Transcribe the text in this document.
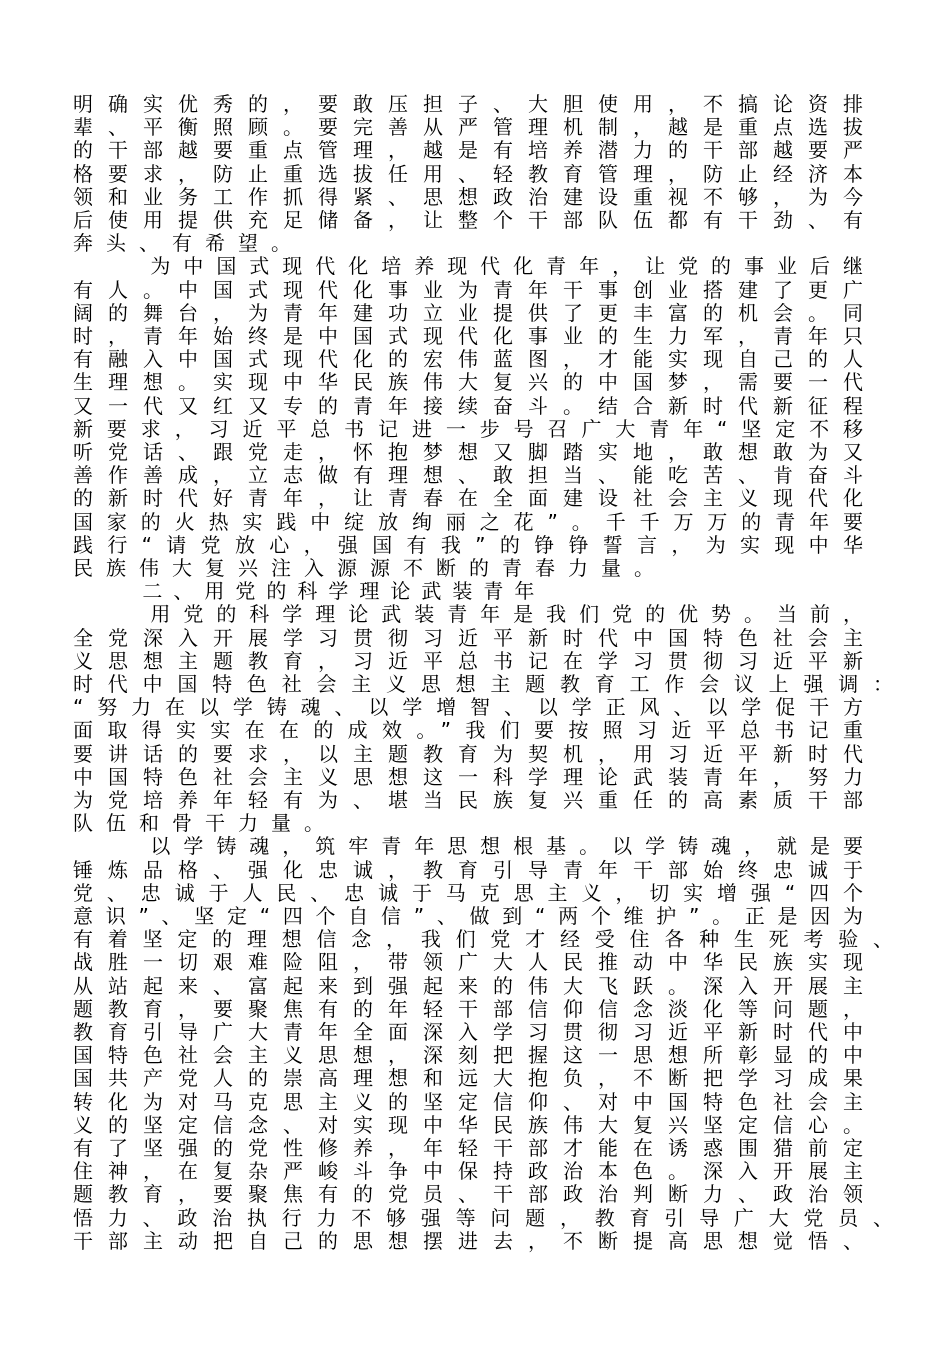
明确实优秀的，要敢压担子、大胆使用，不搞论资排
辈、平衡照顾。要完善从严管理机制，越是重点选拔
的干部越要重点管理，越是有培养潜力的干部越要严
格要求，防止重选拔任用、轻教育管理，防止经济本
领和业务工作抓得紧、思想政治建设重视不够，为今
后使用提供充足储备，让整个干部队伍都有干劲、有
奔头、有希望。
为中国式现代化培养现代化青年，让党的事业后继
有人。中国式现代化事业为青年干事创业搭建了更广
阔的舞台，为青年建功立业提供了更丰富的机会。同
时，青年始终是中国式现代化事业的生力军，青年只
有融入中国式现代化的宏伟蓝图，才能实现自己的人
生理想。实现中华民族伟大复兴的中国梦，需要一代
又一代又红又专的青年接续奋斗。结合新时代新征程
新要求，习近平总书记进一步号召广大青年“坚定不移
听党话、跟党走，怀抱梦想又脚踏实地，敢想敢为又
善作善成，立志做有理想、敢担当、能吃苦、肯奋斗
的新时代好青年，让青春在全面建设社会主义现代化
国家的火热实践中绽放绚丽之花”。千千万万的青年要
践行“请党放心，强国有我”的铮铮誓言，为实现中华
民族伟大复兴注入源源不断的青春力量。
二、用党的科学理论武装青年
用党的科学理论武装青年是我们党的优势。当前，
全党深入开展学习贯彻习近平新时代中国特色社会主
义思想主题教育，习近平总书记在学习贯彻习近平新
时代中国特色社会主义思想主题教育工作会议上强调：
“努力在以学铸魂、以学增智、以学正风、以学促干方
面取得实实在在的成效。”我们要按照习近平总书记重
要讲话的要求，以主题教育为契机，用习近平新时代
中国特色社会主义思想这一科学理论武装青年，努力
为党培养年轻有为、堪当民族复兴重任的高素质干部
队伍和骨干力量。
以学铸魂，筑牢青年思想根基。以学铸魂，就是要
锤炼品格、强化忠诚，教育引导青年干部始终忠诚于
党、忠诚于人民、忠诚于马克思主义，切实增强“四个
意识”、坚定“四个自信”、做到“两个维护”。正是因为
有着坚定的理想信念，我们党才经受住各种生死考验、
战胜一切艰难险阻，带领广大人民推动中华民族实现
从站起来、富起来到强起来的伟大飞跃。深入开展主
题教育，要聚焦有的年轻干部信仰信念淡化等问题，
教育引导广大青年全面深入学习贯彻习近平新时代中
国特色社会主义思想，深刻把握这一思想所彰显的中
国共产党人的崇高理想和远大抱负，不断把学习成果
转化为对马克思主义的坚定信仰、对中国特色社会主
义的坚定信念、对实现中华民族伟大复兴坚定信心。
有了坚强的党性修养，年轻干部才能在诱惑围猎前定
住神，在复杂严峻斗争中保持政治本色。深入开展主
题教育，要聚焦有的党员、干部政治判断力、政治领
悟力、政治执行力不够强等问题，教育引导广大党员、
干部主动把自己的思想摆进去，不断提高思想觉悟、
